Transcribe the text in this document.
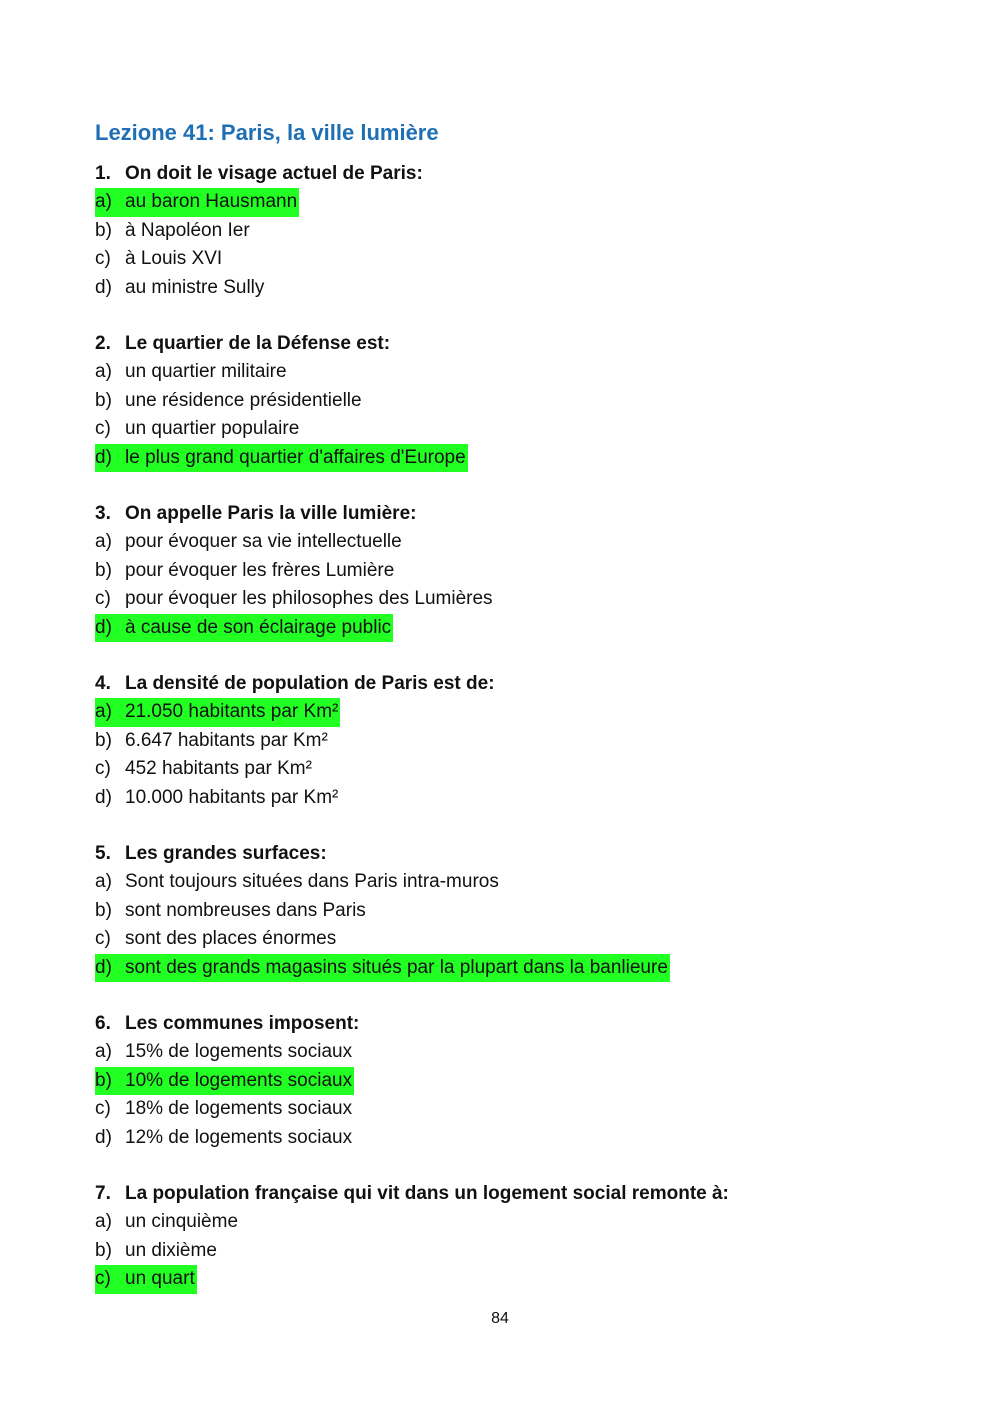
Lezione 41: Paris, la ville lumière
1. On doit le visage actuel de Paris:
a) au baron Hausmann
b) à Napoléon Ier
c) à Louis XVI
d) au ministre Sully
2. Le quartier de la Défense est:
a) un quartier militaire
b) une résidence présidentielle
c) un quartier populaire
d) le plus grand quartier d'affaires d'Europe
3. On appelle Paris la ville lumière:
a) pour évoquer sa vie intellectuelle
b) pour évoquer les frères Lumière
c) pour évoquer les philosophes des Lumières
d) à cause de son éclairage public
4. La densité de population de Paris est de:
a) 21.050 habitants par Km²
b) 6.647 habitants par Km²
c) 452 habitants par Km²
d) 10.000 habitants par Km²
5. Les grandes surfaces:
a) Sont toujours situées dans Paris intra-muros
b) sont nombreuses dans Paris
c) sont des places énormes
d) sont des grands magasins situés par la plupart dans la banlieure
6. Les communes imposent:
a) 15% de logements sociaux
b) 10% de logements sociaux
c) 18% de logements sociaux
d) 12% de logements sociaux
7. La population française qui vit dans un logement social remonte à:
a) un cinquième
b) un dixième
c) un quart
84
